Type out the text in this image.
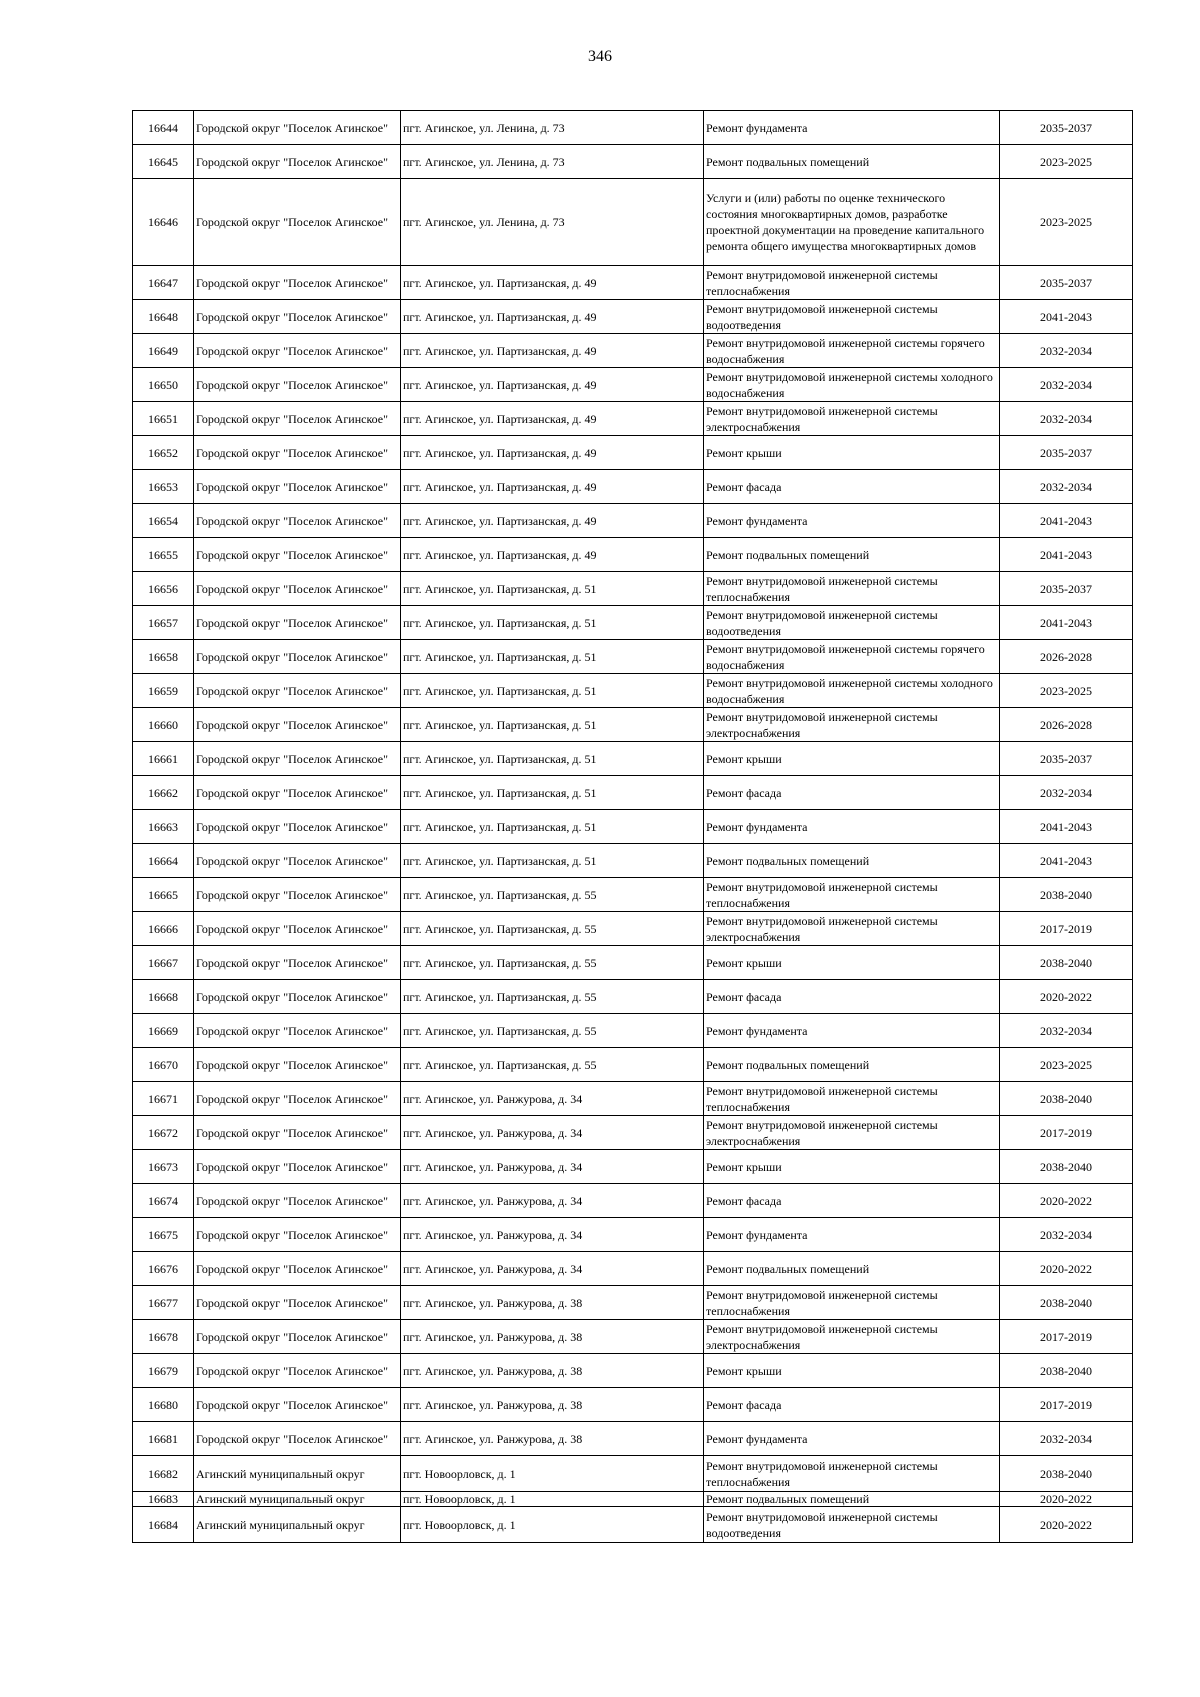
346
16644	Городской округ "Поселок Агинское"	пгт. Агинское, ул. Ленина, д. 73	Ремонт фундамента	2035-2037
16645	Городской округ "Поселок Агинское"	пгт. Агинское, ул. Ленина, д. 73	Ремонт подвальных помещений	2023-2025
16646	Городской округ "Поселок Агинское"	пгт. Агинское, ул. Ленина, д. 73	Услуги и (или) работы по оценке технического состояния многоквартирных домов, разработке проектной документации на проведение капитального ремонта общего имущества многоквартирных домов	2023-2025
16647	Городской округ "Поселок Агинское"	пгт. Агинское, ул. Партизанская, д. 49	Ремонт внутридомовой инженерной системы теплоснабжения	2035-2037
16648	Городской округ "Поселок Агинское"	пгт. Агинское, ул. Партизанская, д. 49	Ремонт внутридомовой инженерной системы водоотведения	2041-2043
16649	Городской округ "Поселок Агинское"	пгт. Агинское, ул. Партизанская, д. 49	Ремонт внутридомовой инженерной системы горячего водоснабжения	2032-2034
16650	Городской округ "Поселок Агинское"	пгт. Агинское, ул. Партизанская, д. 49	Ремонт внутридомовой инженерной системы холодного водоснабжения	2032-2034
16651	Городской округ "Поселок Агинское"	пгт. Агинское, ул. Партизанская, д. 49	Ремонт внутридомовой инженерной системы электроснабжения	2032-2034
16652	Городской округ "Поселок Агинское"	пгт. Агинское, ул. Партизанская, д. 49	Ремонт крыши	2035-2037
16653	Городской округ "Поселок Агинское"	пгт. Агинское, ул. Партизанская, д. 49	Ремонт фасада	2032-2034
16654	Городской округ "Поселок Агинское"	пгт. Агинское, ул. Партизанская, д. 49	Ремонт фундамента	2041-2043
16655	Городской округ "Поселок Агинское"	пгт. Агинское, ул. Партизанская, д. 49	Ремонт подвальных помещений	2041-2043
16656	Городской округ "Поселок Агинское"	пгт. Агинское, ул. Партизанская, д. 51	Ремонт внутридомовой инженерной системы теплоснабжения	2035-2037
16657	Городской округ "Поселок Агинское"	пгт. Агинское, ул. Партизанская, д. 51	Ремонт внутридомовой инженерной системы водоотведения	2041-2043
16658	Городской округ "Поселок Агинское"	пгт. Агинское, ул. Партизанская, д. 51	Ремонт внутридомовой инженерной системы горячего водоснабжения	2026-2028
16659	Городской округ "Поселок Агинское"	пгт. Агинское, ул. Партизанская, д. 51	Ремонт внутридомовой инженерной системы холодного водоснабжения	2023-2025
16660	Городской округ "Поселок Агинское"	пгт. Агинское, ул. Партизанская, д. 51	Ремонт внутридомовой инженерной системы электроснабжения	2026-2028
16661	Городской округ "Поселок Агинское"	пгт. Агинское, ул. Партизанская, д. 51	Ремонт крыши	2035-2037
16662	Городской округ "Поселок Агинское"	пгт. Агинское, ул. Партизанская, д. 51	Ремонт фасада	2032-2034
16663	Городской округ "Поселок Агинское"	пгт. Агинское, ул. Партизанская, д. 51	Ремонт фундамента	2041-2043
16664	Городской округ "Поселок Агинское"	пгт. Агинское, ул. Партизанская, д. 51	Ремонт подвальных помещений	2041-2043
16665	Городской округ "Поселок Агинское"	пгт. Агинское, ул. Партизанская, д. 55	Ремонт внутридомовой инженерной системы теплоснабжения	2038-2040
16666	Городской округ "Поселок Агинское"	пгт. Агинское, ул. Партизанская, д. 55	Ремонт внутридомовой инженерной системы электроснабжения	2017-2019
16667	Городской округ "Поселок Агинское"	пгт. Агинское, ул. Партизанская, д. 55	Ремонт крыши	2038-2040
16668	Городской округ "Поселок Агинское"	пгт. Агинское, ул. Партизанская, д. 55	Ремонт фасада	2020-2022
16669	Городской округ "Поселок Агинское"	пгт. Агинское, ул. Партизанская, д. 55	Ремонт фундамента	2032-2034
16670	Городской округ "Поселок Агинское"	пгт. Агинское, ул. Партизанская, д. 55	Ремонт подвальных помещений	2023-2025
16671	Городской округ "Поселок Агинское"	пгт. Агинское, ул. Ранжурова, д. 34	Ремонт внутридомовой инженерной системы теплоснабжения	2038-2040
16672	Городской округ "Поселок Агинское"	пгт. Агинское, ул. Ранжурова, д. 34	Ремонт внутридомовой инженерной системы электроснабжения	2017-2019
16673	Городской округ "Поселок Агинское"	пгт. Агинское, ул. Ранжурова, д. 34	Ремонт крыши	2038-2040
16674	Городской округ "Поселок Агинское"	пгт. Агинское, ул. Ранжурова, д. 34	Ремонт фасада	2020-2022
16675	Городской округ "Поселок Агинское"	пгт. Агинское, ул. Ранжурова, д. 34	Ремонт фундамента	2032-2034
16676	Городской округ "Поселок Агинское"	пгт. Агинское, ул. Ранжурова, д. 34	Ремонт подвальных помещений	2020-2022
16677	Городской округ "Поселок Агинское"	пгт. Агинское, ул. Ранжурова, д. 38	Ремонт внутридомовой инженерной системы теплоснабжения	2038-2040
16678	Городской округ "Поселок Агинское"	пгт. Агинское, ул. Ранжурова, д. 38	Ремонт внутридомовой инженерной системы электроснабжения	2017-2019
16679	Городской округ "Поселок Агинское"	пгт. Агинское, ул. Ранжурова, д. 38	Ремонт крыши	2038-2040
16680	Городской округ "Поселок Агинское"	пгт. Агинское, ул. Ранжурова, д. 38	Ремонт фасада	2017-2019
16681	Городской округ "Поселок Агинское"	пгт. Агинское, ул. Ранжурова, д. 38	Ремонт фундамента	2032-2034
16682	Агинский муниципальный округ	пгт. Новоорловск, д. 1	Ремонт внутридомовой инженерной системы теплоснабжения	2038-2040
16683	Агинский муниципальный округ	пгт. Новоорловск, д. 1	Ремонт подвальных помещений	2020-2022
16684	Агинский муниципальный округ	пгт. Новоорловск, д. 1	Ремонт внутридомовой инженерной системы водоотведения	2020-2022
